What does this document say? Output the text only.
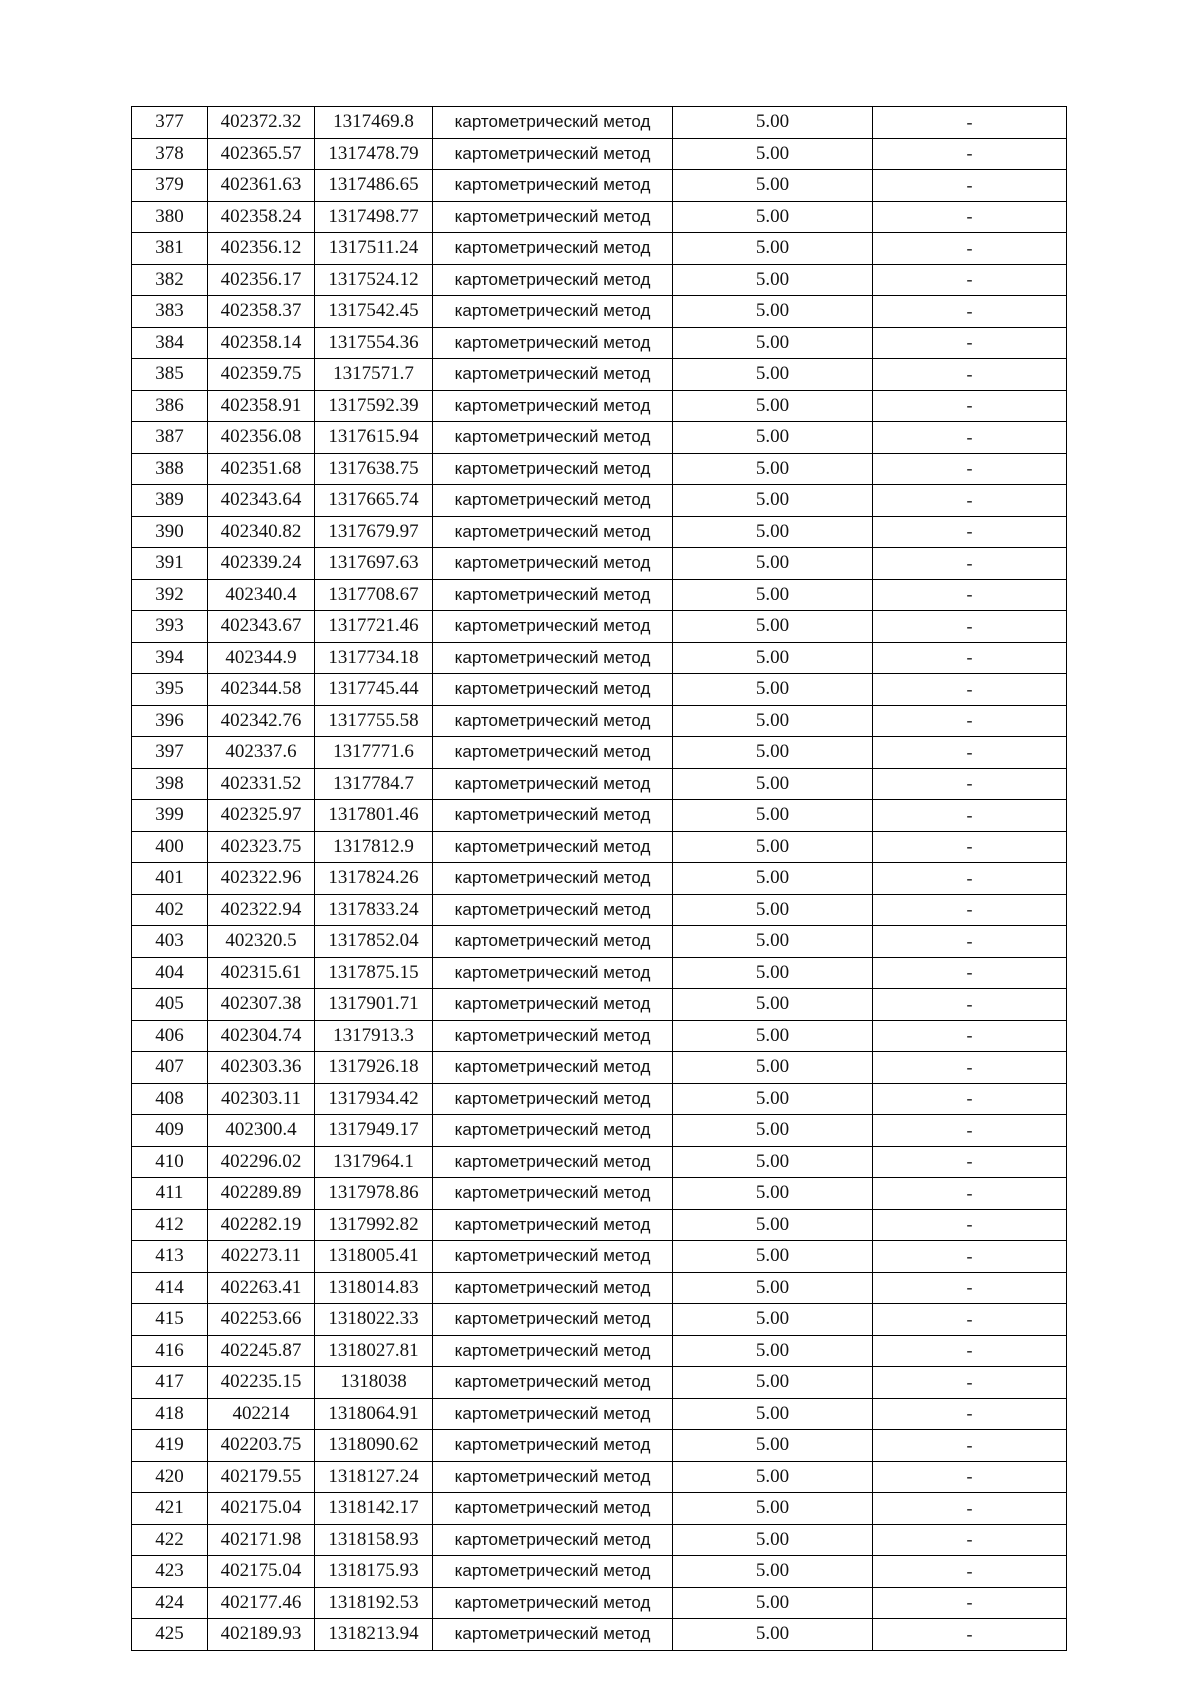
377	402372.32	1317469.8	картометрический метод	5.00	-
378	402365.57	1317478.79	картометрический метод	5.00	-
379	402361.63	1317486.65	картометрический метод	5.00	-
380	402358.24	1317498.77	картометрический метод	5.00	-
381	402356.12	1317511.24	картометрический метод	5.00	-
382	402356.17	1317524.12	картометрический метод	5.00	-
383	402358.37	1317542.45	картометрический метод	5.00	-
384	402358.14	1317554.36	картометрический метод	5.00	-
385	402359.75	1317571.7	картометрический метод	5.00	-
386	402358.91	1317592.39	картометрический метод	5.00	-
387	402356.08	1317615.94	картометрический метод	5.00	-
388	402351.68	1317638.75	картометрический метод	5.00	-
389	402343.64	1317665.74	картометрический метод	5.00	-
390	402340.82	1317679.97	картометрический метод	5.00	-
391	402339.24	1317697.63	картометрический метод	5.00	-
392	402340.4	1317708.67	картометрический метод	5.00	-
393	402343.67	1317721.46	картометрический метод	5.00	-
394	402344.9	1317734.18	картометрический метод	5.00	-
395	402344.58	1317745.44	картометрический метод	5.00	-
396	402342.76	1317755.58	картометрический метод	5.00	-
397	402337.6	1317771.6	картометрический метод	5.00	-
398	402331.52	1317784.7	картометрический метод	5.00	-
399	402325.97	1317801.46	картометрический метод	5.00	-
400	402323.75	1317812.9	картометрический метод	5.00	-
401	402322.96	1317824.26	картометрический метод	5.00	-
402	402322.94	1317833.24	картометрический метод	5.00	-
403	402320.5	1317852.04	картометрический метод	5.00	-
404	402315.61	1317875.15	картометрический метод	5.00	-
405	402307.38	1317901.71	картометрический метод	5.00	-
406	402304.74	1317913.3	картометрический метод	5.00	-
407	402303.36	1317926.18	картометрический метод	5.00	-
408	402303.11	1317934.42	картометрический метод	5.00	-
409	402300.4	1317949.17	картометрический метод	5.00	-
410	402296.02	1317964.1	картометрический метод	5.00	-
411	402289.89	1317978.86	картометрический метод	5.00	-
412	402282.19	1317992.82	картометрический метод	5.00	-
413	402273.11	1318005.41	картометрический метод	5.00	-
414	402263.41	1318014.83	картометрический метод	5.00	-
415	402253.66	1318022.33	картометрический метод	5.00	-
416	402245.87	1318027.81	картометрический метод	5.00	-
417	402235.15	1318038	картометрический метод	5.00	-
418	402214	1318064.91	картометрический метод	5.00	-
419	402203.75	1318090.62	картометрический метод	5.00	-
420	402179.55	1318127.24	картометрический метод	5.00	-
421	402175.04	1318142.17	картометрический метод	5.00	-
422	402171.98	1318158.93	картометрический метод	5.00	-
423	402175.04	1318175.93	картометрический метод	5.00	-
424	402177.46	1318192.53	картометрический метод	5.00	-
425	402189.93	1318213.94	картометрический метод	5.00	-
